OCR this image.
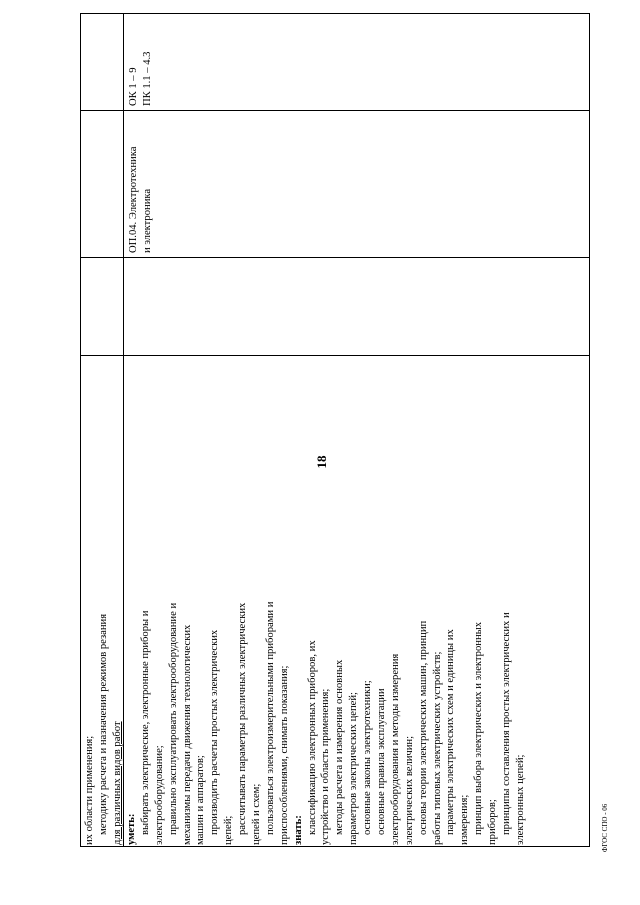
18
ФГОС СПО - 06
их области применения; методику расчета и назначения режимов резания для различных видов работ уметь: выбирать электрические, электронные приборы и электрооборудование; правильно эксплуатировать электрооборудование и механизмы передачи движения технологических машин и аппаратов; производить расчеты простых электрических цепей; рассчитывать параметры различных электрических цепей и схем; пользоваться электроизмерительными приборами и приспособлениями, снимать показания; знать: классификацию электронных приборов, их устройство и область применения; методы расчета и измерения основных параметров электрических цепей; основные законы электротехники; основные правила эксплуатации электрооборудования и методы измерения электрических величин; основы теории электрических машин, принцип работы типовых электрических устройств; параметры электрических схем и единицы их измерения; принцип выбора электрических и электронных приборов; принципы составления простых электрических и электронных цепей;
ОП.04. Электротехника и электроника
ОК 1 – 9 ПК 1.1 – 4.3
